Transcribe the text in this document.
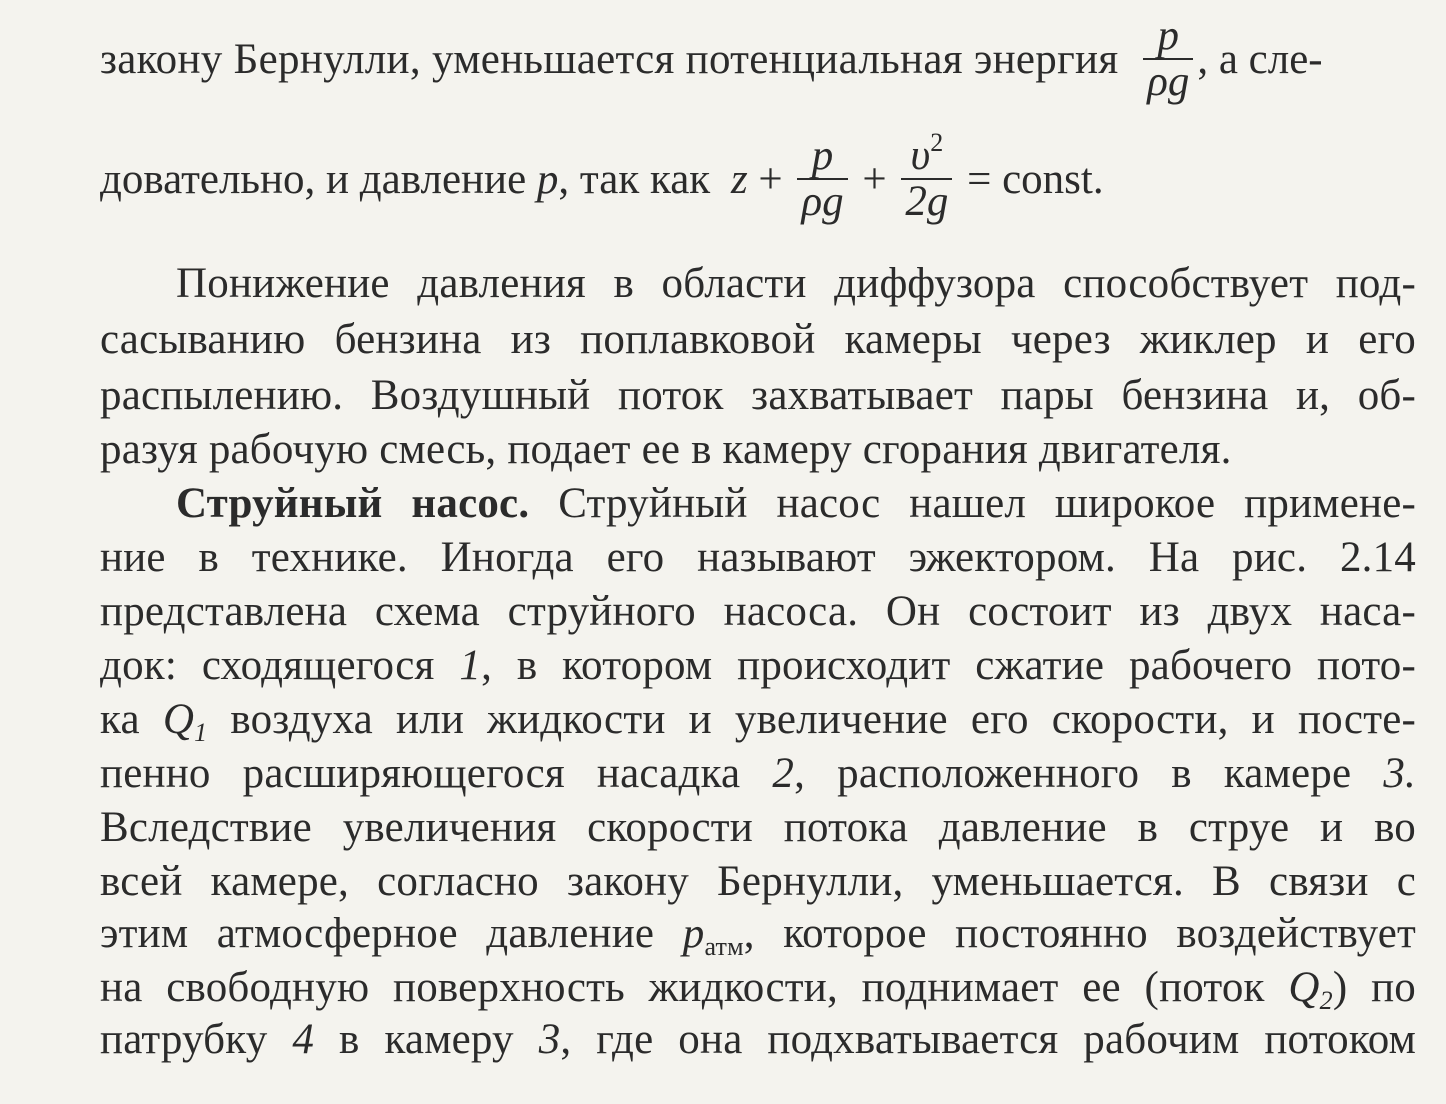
закону Бернулли, уменьшается потенциальная энергия $\frac{p}{\rho g}$ , а сле-
довательно, и давление p, так как $z + \frac{p}{\rho g} + \frac{\upsilon^2}{2g}$ = const.
Понижение давления в области диффузора способствует под-
сасыванию бензина из поплавковой камеры через жиклер и его
распылению. Воздушный поток захватывает пары бензина и, об-
разуя рабочую смесь, подает ее в камеру сгорания двигателя.
Струйный насос. Струйный насос нашел широкое примене-
ние в технике. Иногда его называют эжектором. На рис. 2.14
представлена схема струйного насоса. Он состоит из двух наса-
док: сходящегося 1, в котором происходит сжатие рабочего пото-
ка $Q_1$ воздуха или жидкости и увеличение его скорости, и посте-
пенно расширяющегося насадка 2, расположенного в камере 3.
Вследствие увеличения скорости потока давление в струе и во
всей камере, согласно закону Бернулли, уменьшается. В связи с
этим атмосферное давление $p_{атм}$, которое постоянно воздействует
на свободную поверхность жидкости, поднимает ее (поток $Q_2$) по
патрубку 4 в камеру 3, где она подхватывается рабочим потоком
